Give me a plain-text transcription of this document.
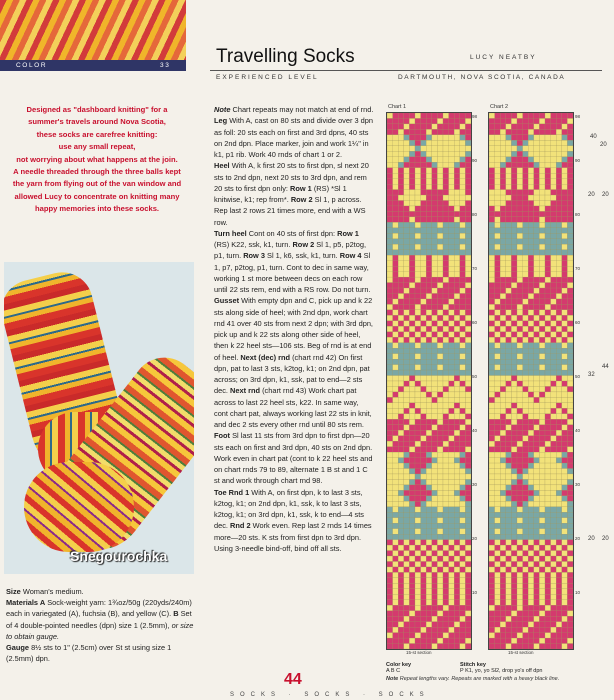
COLOR	33 Travelling Socks	LUCY NEATBY
EXPERIENCED LEVEL	DARTMOUTH, NOVA SCOTIA, CANADA

Designed as "dashboard knitting" for a

summer's travels around Nova Scotia,

these socks are carefree knitting:

use any small repeat,

not worrying about what happens at the join.

A needle threaded through the three balls kept

the yarn from flying out of the van window and

allowed Lucy to concentrate on knitting many

happy memories into these socks.

Snegourochka

Size Woman's medium.

Materials A Sock-weight yarn: 1¾oz/50g (220yds/240m) each in variegated (A), fuchsia (B), and yellow (C). B Set of 4 double-pointed needles (dpn) size 1 (2.5mm), or size to obtain gauge.

Gauge 8½ sts to 1" (2.5cm) over St st using size 1 (2.5mm) dpn.

Note Chart repeats may not match at end of rnd.

Leg With A, cast on 80 sts and divide over 3 dpn as foll: 20 sts each on first and 3rd dpns, 40 sts on 2nd dpn. Place marker, join and work 1¼" in k1, p1 rib. Work 40 rnds of chart 1 or 2.

Heel With A, k first 20 sts to first dpn, sl next 20 sts to 2nd dpn, next 20 sts to 3rd dpn, and rem 20 sts to first dpn only: Row 1 (RS) *Sl 1 knitwise, k1; rep from*. Row 2 Sl 1, p across. Rep last 2 rows 21 times more, end with a WS row.

Turn heel Cont on 40 sts of first dpn: Row 1 (RS) K22, ssk, k1, turn. Row 2 Sl 1, p5, p2tog, p1, turn. Row 3 Sl 1, k6, ssk, k1, turn. Row 4 Sl 1, p7, p2tog, p1, turn. Cont to dec in same way, working 1 st more between decs on each row until 22 sts rem, end with a RS row. Do not turn.

Gusset With empty dpn and C, pick up and k 22 sts along side of heel; with 2nd dpn, work chart rnd 41 over 40 sts from next 2 dpn; with 3rd dpn, pick up and k 22 sts along other side of heel, then k 22 heel sts—106 sts. Beg of rnd is at end of heel. Next (dec) rnd (chart rnd 42) On first dpn, pat to last 3 sts, k2tog, k1; on 2nd dpn, pat across; on 3rd dpn, k1, ssk, pat to end—2 sts dec. Next rnd (chart rnd 43) Work chart pat across to last 22 heel sts, k22. In same way, cont chart pat, always working last 22 sts in knit, and dec 2 sts every other rnd until 80 sts rem.

Foot Sl last 11 sts from 3rd dpn to first dpn—20 sts each on first and 3rd dpn, 40 sts on 2nd dpn. Work even in chart pat (cont to k 22 heel sts and on chart rnds 79 to 89, alternate 1 B st and 1 C st and work through chart rnd 98.

Toe Rnd 1 With A, on first dpn, k to last 3 sts, k2tog, k1; on 2nd dpn, k1, ssk, k to last 3 sts, k2tog, k1; on 3rd dpn, k1, ssk, k to end—4 sts dec. Rnd 2 Work even. Rep last 2 rnds 14 times more—20 sts. K sts from first dpn to 3rd dpn. Using 3-needle bind-off, bind off all sts.

44
SOCKS · SOCKS · SOCKS
Chart 1	Chart 2
98
90
80
70
60
50
40
30
20
10
98
90
80
70
60
50
40
30
20
10
40
20
20 20
32
44
20 20
15-st section	15-st section
Color key
A B C
Stitch key
P K1, yo, yo Sl2, drop yo's off dpn
Note Repeat lengths vary. Repeats are marked with a heavy black line.
